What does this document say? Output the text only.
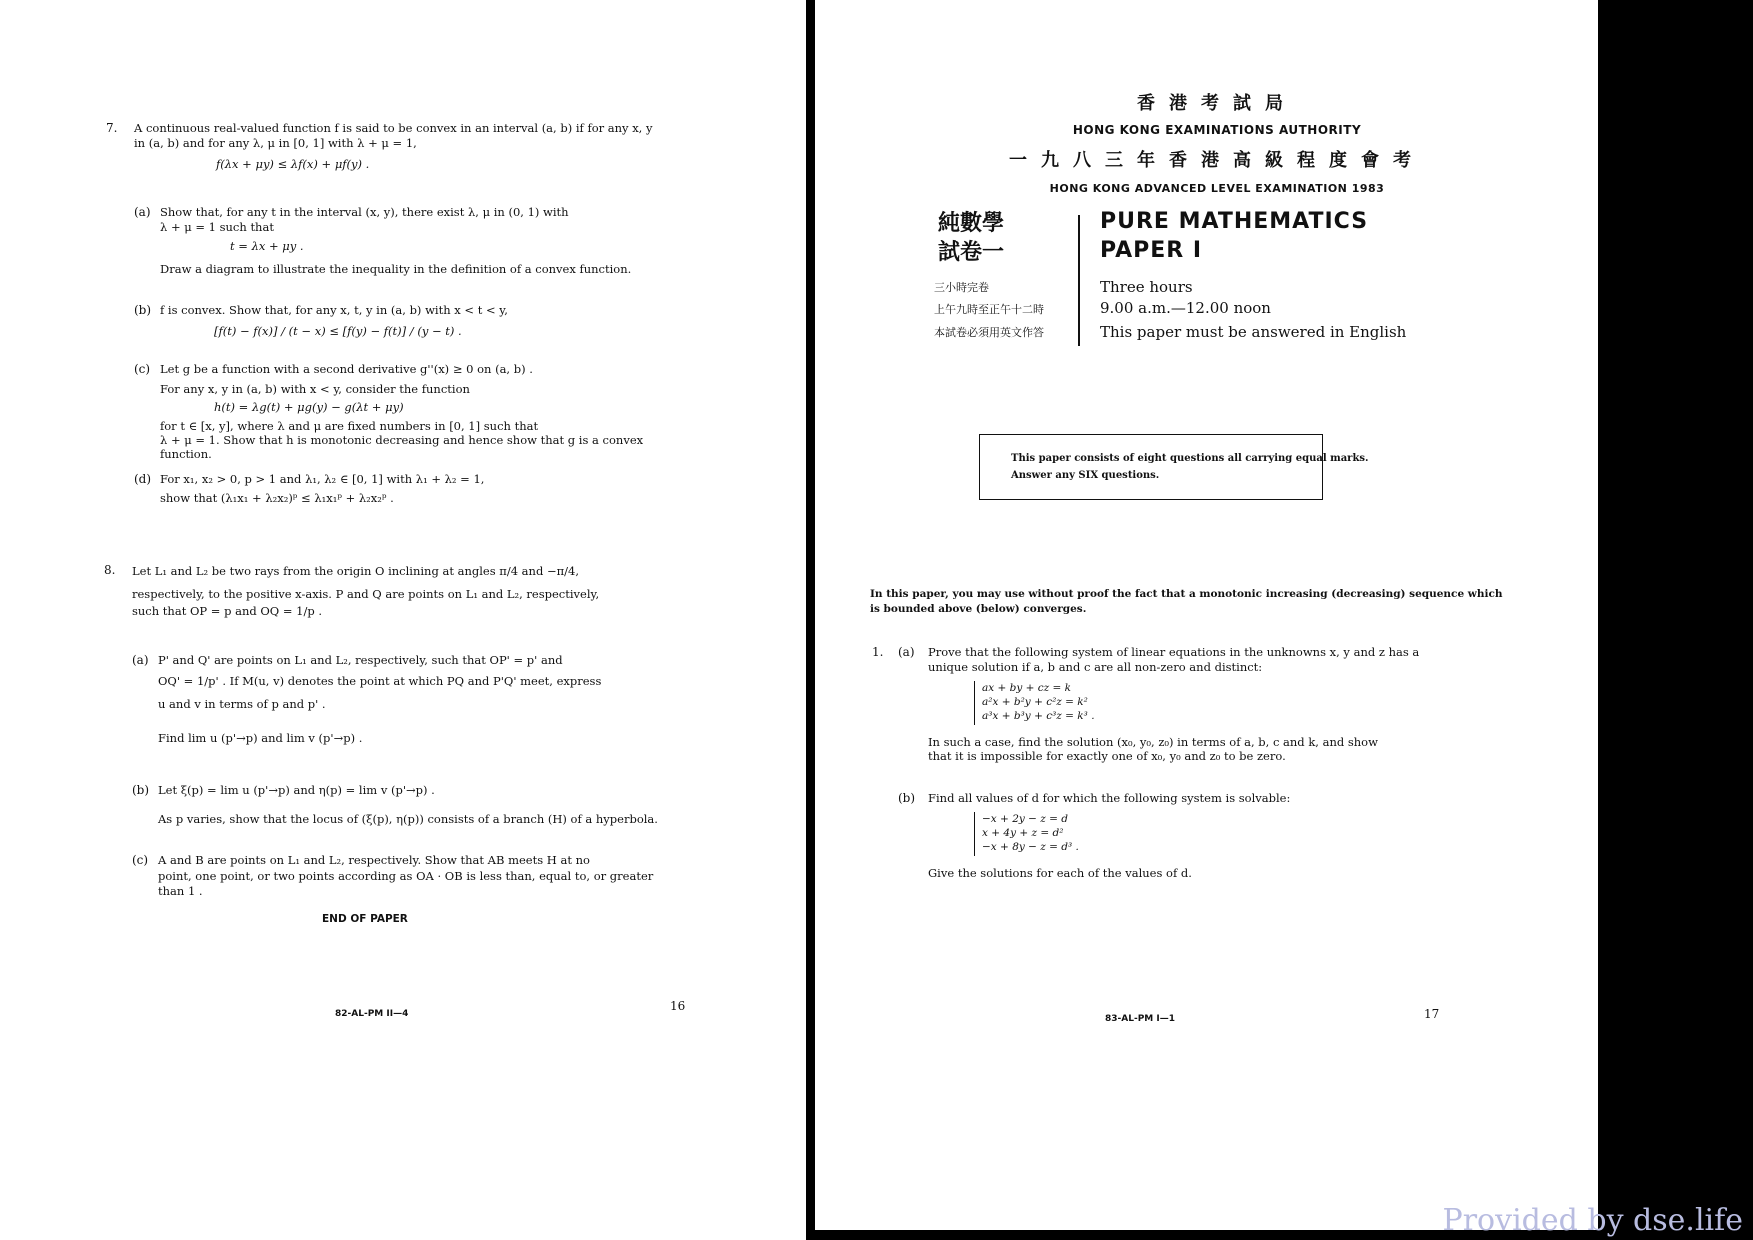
7. A continuous real-valued function f is said to be convex in an interval (a, b) if for any x, y
in (a, b) and for any λ, μ in [0, 1] with λ + μ = 1,
f(λx + μy) ≤ λf(x) + μf(y) .
(a) Show that, for any t in the interval (x, y), there exist λ, μ in (0, 1) with
λ + μ = 1 such that
t = λx + μy .
Draw a diagram to illustrate the inequality in the definition of a convex function.
(b) f is convex. Show that, for any x, t, y in (a, b) with x < t < y,
[f(t) − f(x)] / (t − x) ≤ [f(y) − f(t)] / (y − t) .
(c) Let g be a function with a second derivative g''(x) ≥ 0 on (a, b) .
For any x, y in (a, b) with x < y, consider the function
h(t) = λg(t) + μg(y) − g(λt + μy)
for t ∈ [x, y], where λ and μ are fixed numbers in [0, 1] such that
λ + μ = 1. Show that h is monotonic decreasing and hence show that g is a convex
function.
(d) For x₁, x₂ > 0, p > 1 and λ₁, λ₂ ∈ [0, 1] with λ₁ + λ₂ = 1,
show that (λ₁x₁ + λ₂x₂)ᵖ ≤ λ₁x₁ᵖ + λ₂x₂ᵖ .
8. Let L₁ and L₂ be two rays from the origin O inclining at angles π/4 and −π/4,
respectively, to the positive x-axis. P and Q are points on L₁ and L₂, respectively,
such that OP = p and OQ = 1/p .
(a) P' and Q' are points on L₁ and L₂, respectively, such that OP' = p' and
OQ' = 1/p' . If M(u, v) denotes the point at which PQ and P'Q' meet, express
u and v in terms of p and p' .
Find lim u (p'→p) and lim v (p'→p) .
(b) Let ξ(p) = lim u (p'→p) and η(p) = lim v (p'→p) .
As p varies, show that the locus of (ξ(p), η(p)) consists of a branch (H) of a hyperbola.
(c) A and B are points on L₁ and L₂, respectively. Show that AB meets H at no
point, one point, or two points according as OA · OB is less than, equal to, or greater
than 1 .
END OF PAPER
82-AL-PM II—4
16
香港考試局
HONG KONG EXAMINATIONS AUTHORITY
一九八三年香港高級程度會考
HONG KONG ADVANCED LEVEL EXAMINATION 1983
純數學
試卷一
三小時完卷
上午九時至正午十二時
本試卷必須用英文作答
PURE MATHEMATICS
PAPER I
Three hours
9.00 a.m.—12.00 noon
This paper must be answered in English
This paper consists of eight questions all carrying equal marks.
Answer any SIX questions.
In this paper, you may use without proof the fact that a monotonic increasing (decreasing) sequence which
is bounded above (below) converges.
1. (a) Prove that the following system of linear equations in the unknowns x, y and z has a
unique solution if a, b and c are all non-zero and distinct:
ax + by + cz = k
a²x + b²y + c²z = k²
a³x + b³y + c³z = k³ .
In such a case, find the solution (x₀, y₀, z₀) in terms of a, b, c and k, and show
that it is impossible for exactly one of x₀, y₀ and z₀ to be zero.
(b) Find all values of d for which the following system is solvable:
−x + 2y − z = d
x + 4y + z = d²
−x + 8y − z = d³ .
Give the solutions for each of the values of d.
83-AL-PM I—1	17
Provided by dse.life
